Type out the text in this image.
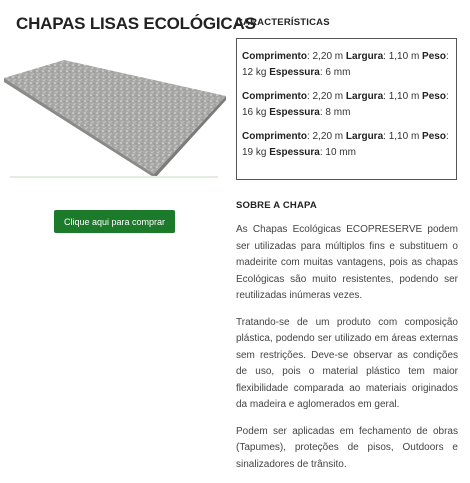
CHAPAS LISAS ECOLÓGICAS
Clique aqui para comprar
CARACTERÍSTICAS

Comprimento: 2,20 m Largura: 1,10 m Peso: 12 kg Espessura: 6 mm

Comprimento: 2,20 m Largura: 1,10 m Peso: 16 kg Espessura: 8 mm

Comprimento: 2,20 m Largura: 1,10 m Peso: 19 kg Espessura: 10 mm

SOBRE A CHAPA

As Chapas Ecológicas ECOPRESERVE podem ser utilizadas para múltiplos fins e substituem o madeirite com muitas vantagens, pois as chapas Ecológicas são muito resistentes, podendo ser reutilizadas inúmeras vezes.

Tratando-se de um produto com composição plástica, podendo ser utilizado em áreas externas sem restrições. Deve-se observar as condições de uso, pois o material plástico tem maior flexibilidade comparada ao materiais originados da madeira e aglomerados em geral.

Podem ser aplicadas em fechamento de obras (Tapumes), proteções de pisos, Outdoors e sinalizadores de trânsito.
